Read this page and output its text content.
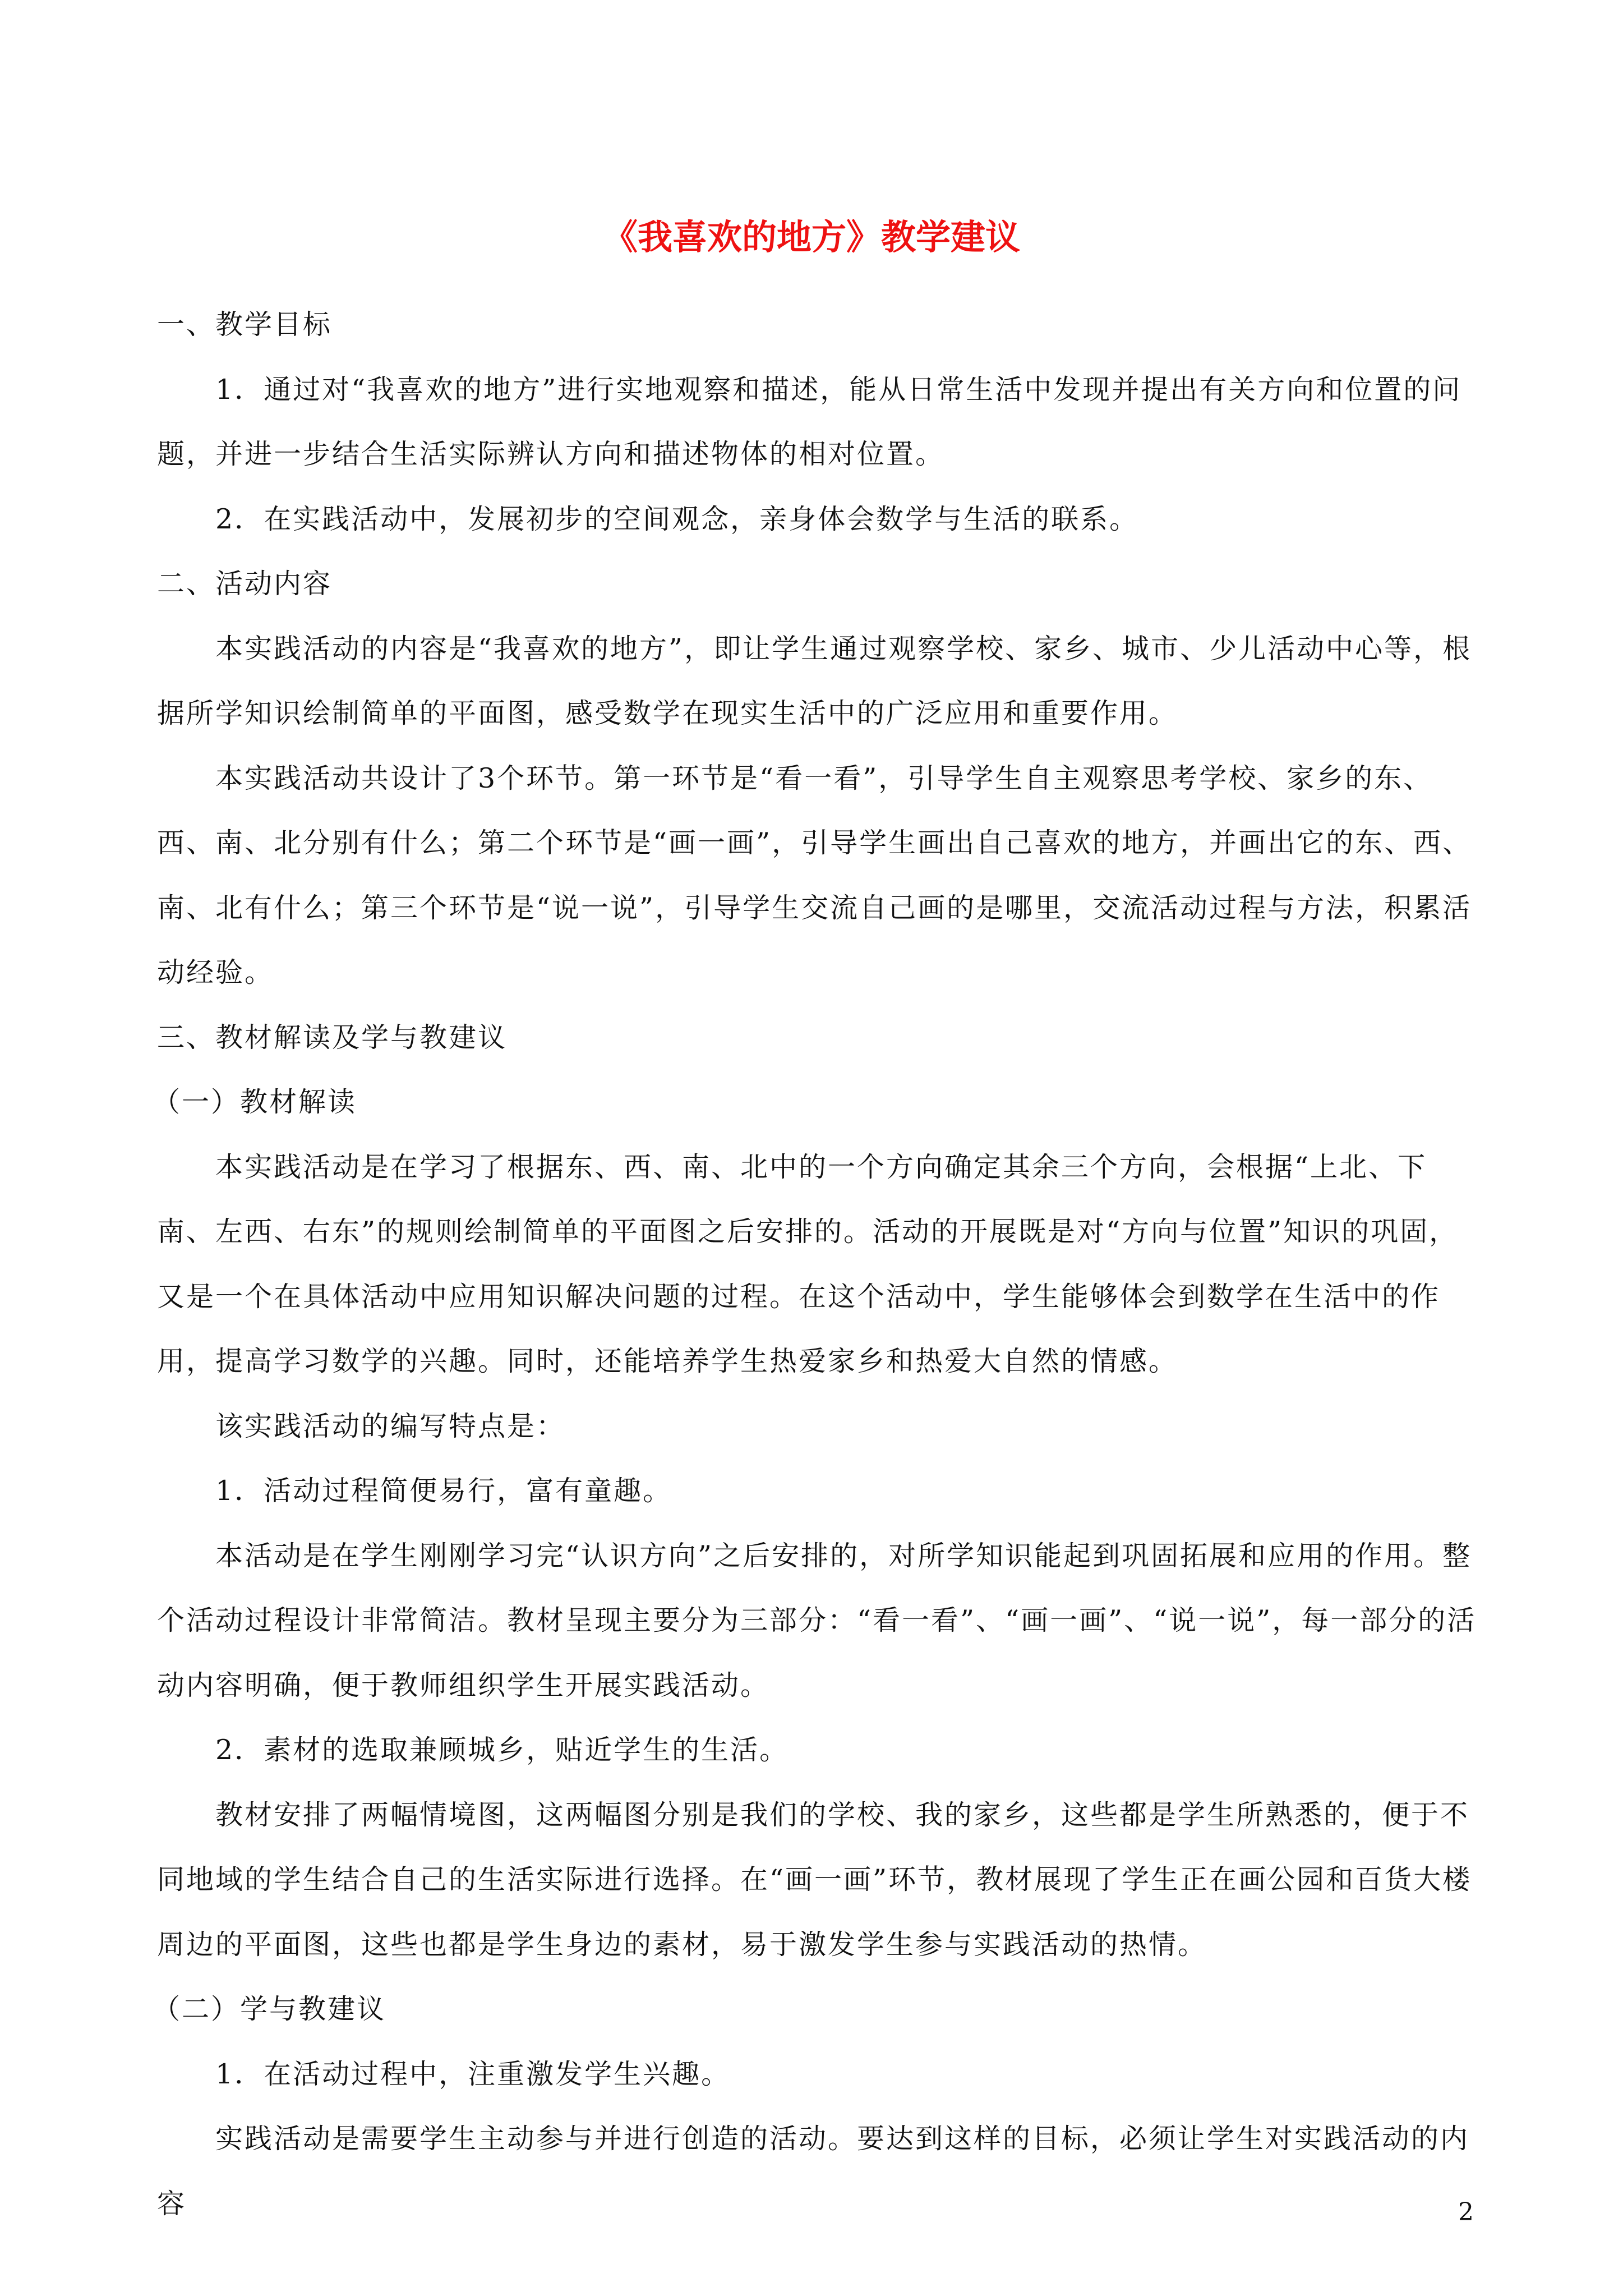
《我喜欢的地方》教学建议

一、教学目标

1．通过对“我喜欢的地方”进行实地观察和描述，能从日常生活中发现并提出有关方向和位置的问题，并进一步结合生活实际辨认方向和描述物体的相对位置。

2．在实践活动中，发展初步的空间观念，亲身体会数学与生活的联系。

二、活动内容

本实践活动的内容是“我喜欢的地方”，即让学生通过观察学校、家乡、城市、少儿活动中心等，根据所学知识绘制简单的平面图，感受数学在现实生活中的广泛应用和重要作用。

本实践活动共设计了3个环节。第一环节是“看一看”，引导学生自主观察思考学校、家乡的东、西、南、北分别有什么；第二个环节是“画一画”，引导学生画出自己喜欢的地方，并画出它的东、西、南、北有什么；第三个环节是“说一说”，引导学生交流自己画的是哪里，交流活动过程与方法，积累活动经验。

三、教材解读及学与教建议

（一）教材解读

本实践活动是在学习了根据东、西、南、北中的一个方向确定其余三个方向，会根据“上北、下南、左西、右东”的规则绘制简单的平面图之后安排的。活动的开展既是对“方向与位置”知识的巩固，又是一个在具体活动中应用知识解决问题的过程。在这个活动中，学生能够体会到数学在生活中的作用，提高学习数学的兴趣。同时，还能培养学生热爱家乡和热爱大自然的情感。

该实践活动的编写特点是：

1．活动过程简便易行，富有童趣。

本活动是在学生刚刚学习完“认识方向”之后安排的，对所学知识能起到巩固拓展和应用的作用。整个活动过程设计非常简洁。教材呈现主要分为三部分：“看一看”、“画一画”、“说一说”，每一部分的活动内容明确，便于教师组织学生开展实践活动。

2．素材的选取兼顾城乡，贴近学生的生活。

教材安排了两幅情境图，这两幅图分别是我们的学校、我的家乡，这些都是学生所熟悉的，便于不同地域的学生结合自己的生活实际进行选择。在“画一画”环节，教材展现了学生正在画公园和百货大楼周边的平面图，这些也都是学生身边的素材，易于激发学生参与实践活动的热情。

（二）学与教建议

1．在活动过程中，注重激发学生兴趣。

实践活动是需要学生主动参与并进行创造的活动。要达到这样的目标，必须让学生对实践活动的内容	2
